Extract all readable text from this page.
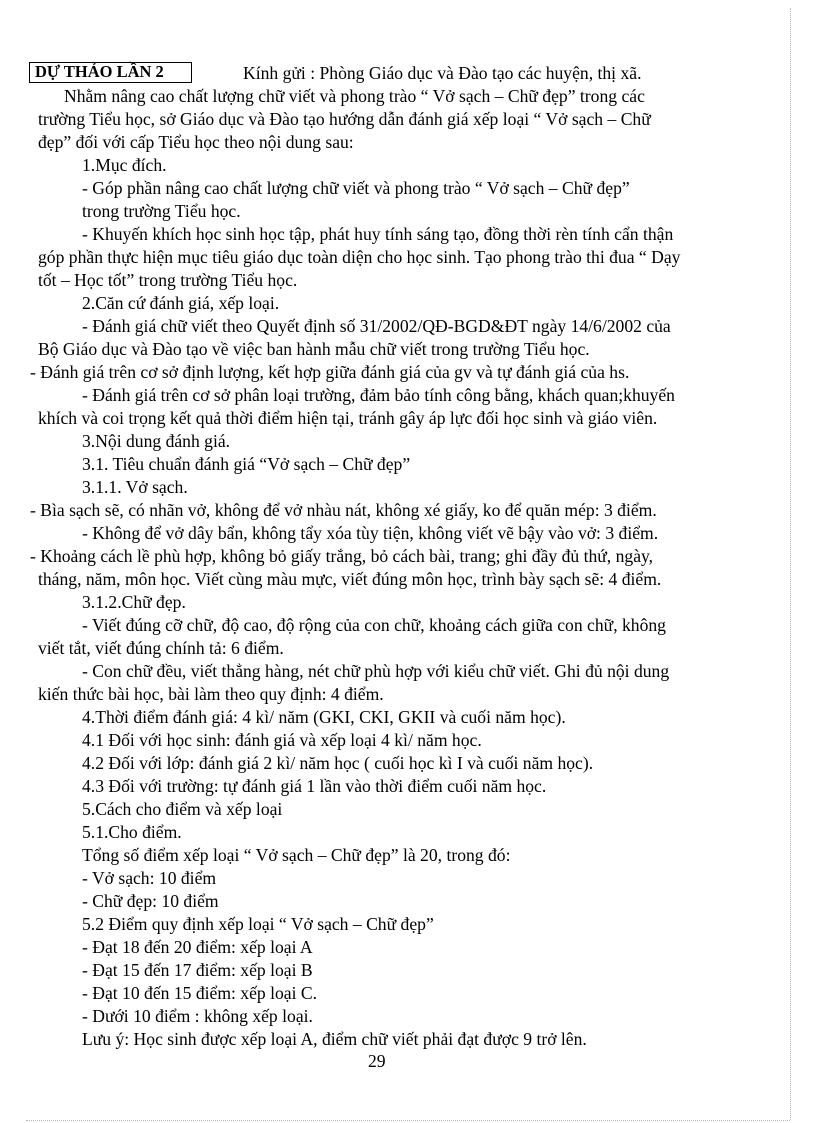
DỰ THẢO LẦN 2	Kính gửi : Phòng Giáo dục và Đào tạo các huyện, thị xã.
Nhằm nâng cao chất lượng chữ viết và phong trào “ Vở sạch – Chữ đẹp” trong các
trường Tiểu học, sở Giáo dục và Đào tạo hướng dẫn đánh giá xếp loại “ Vở sạch – Chữ
đẹp” đối với cấp Tiểu học theo nội dung sau:
1.Mục đích.
- Góp phần nâng cao chất lượng chữ viết và phong trào “ Vở sạch – Chữ đẹp”
trong trường Tiểu học.
- Khuyến khích học sinh học tập, phát huy tính sáng tạo, đồng thời rèn tính cẩn thận
góp phần thực hiện mục tiêu giáo dục toàn diện cho học sinh. Tạo phong trào thi đua “ Dạy
tốt – Học tốt” trong trường Tiểu học.
2.Căn cứ đánh giá, xếp loại.
- Đánh giá chữ viết theo Quyết định số 31/2002/QĐ-BGD&ĐT ngày 14/6/2002 của
Bộ Giáo dục và Đào tạo về việc ban hành mẫu chữ viết trong trường Tiểu học.
- Đánh giá trên cơ sở định lượng, kết hợp giữa đánh giá của gv và tự đánh giá của hs.
- Đánh giá trên cơ sở phân loại trường, đảm bảo tính công bằng, khách quan;khuyến
khích và coi trọng kết quả thời điểm hiện tại, tránh gây áp lực đối học sinh và giáo viên.
3.Nội dung đánh giá.
3.1. Tiêu chuẩn đánh giá “Vở sạch – Chữ đẹp”
3.1.1. Vở sạch.
- Bìa sạch sẽ, có nhãn vở, không để vở nhàu nát, không xé giấy, ko để quăn mép: 3 điểm.
- Không để vở dây bẩn, không tẩy xóa tùy tiện, không viết vẽ bậy vào vở: 3 điểm.
- Khoảng cách lề phù hợp, không bỏ giấy trắng, bỏ cách bài, trang; ghi đầy đủ thứ, ngày,
tháng, năm, môn học. Viết cùng màu mực, viết đúng môn học, trình bày sạch sẽ: 4 điểm.
3.1.2.Chữ đẹp.
- Viết đúng cỡ chữ, độ cao, độ rộng của con chữ, khoảng cách giữa con chữ, không
viết tắt, viết đúng chính tả: 6 điểm.
- Con chữ đều, viết thẳng hàng, nét chữ phù hợp với kiểu chữ viết. Ghi đủ nội dung
kiến thức bài học, bài làm theo quy định: 4 điểm.
4.Thời điểm đánh giá: 4 kì/ năm (GKI, CKI, GKII và cuối năm học).
4.1 Đối với học sinh: đánh giá và xếp loại 4 kì/ năm học.
4.2 Đối với lớp: đánh giá 2 kì/ năm học ( cuối học kì I và cuối năm học).
4.3 Đối với trường: tự đánh giá 1 lần vào thời điểm cuối năm học.
5.Cách cho điểm và xếp loại
5.1.Cho điểm.
Tổng số điểm xếp loại “ Vở sạch – Chữ đẹp” là 20, trong đó:
- Vở sạch: 10 điểm
- Chữ đẹp: 10 điểm
5.2 Điểm quy định xếp loại “ Vở sạch – Chữ đẹp”
- Đạt 18 đến 20 điểm: xếp loại A
- Đạt 15 đến 17 điểm: xếp loại B
- Đạt 10 đến 15 điểm: xếp loại C.
- Dưới 10 điểm : không xếp loại.
Lưu ý: Học sinh được xếp loại A, điểm chữ viết phải đạt được 9 trở lên.
29
